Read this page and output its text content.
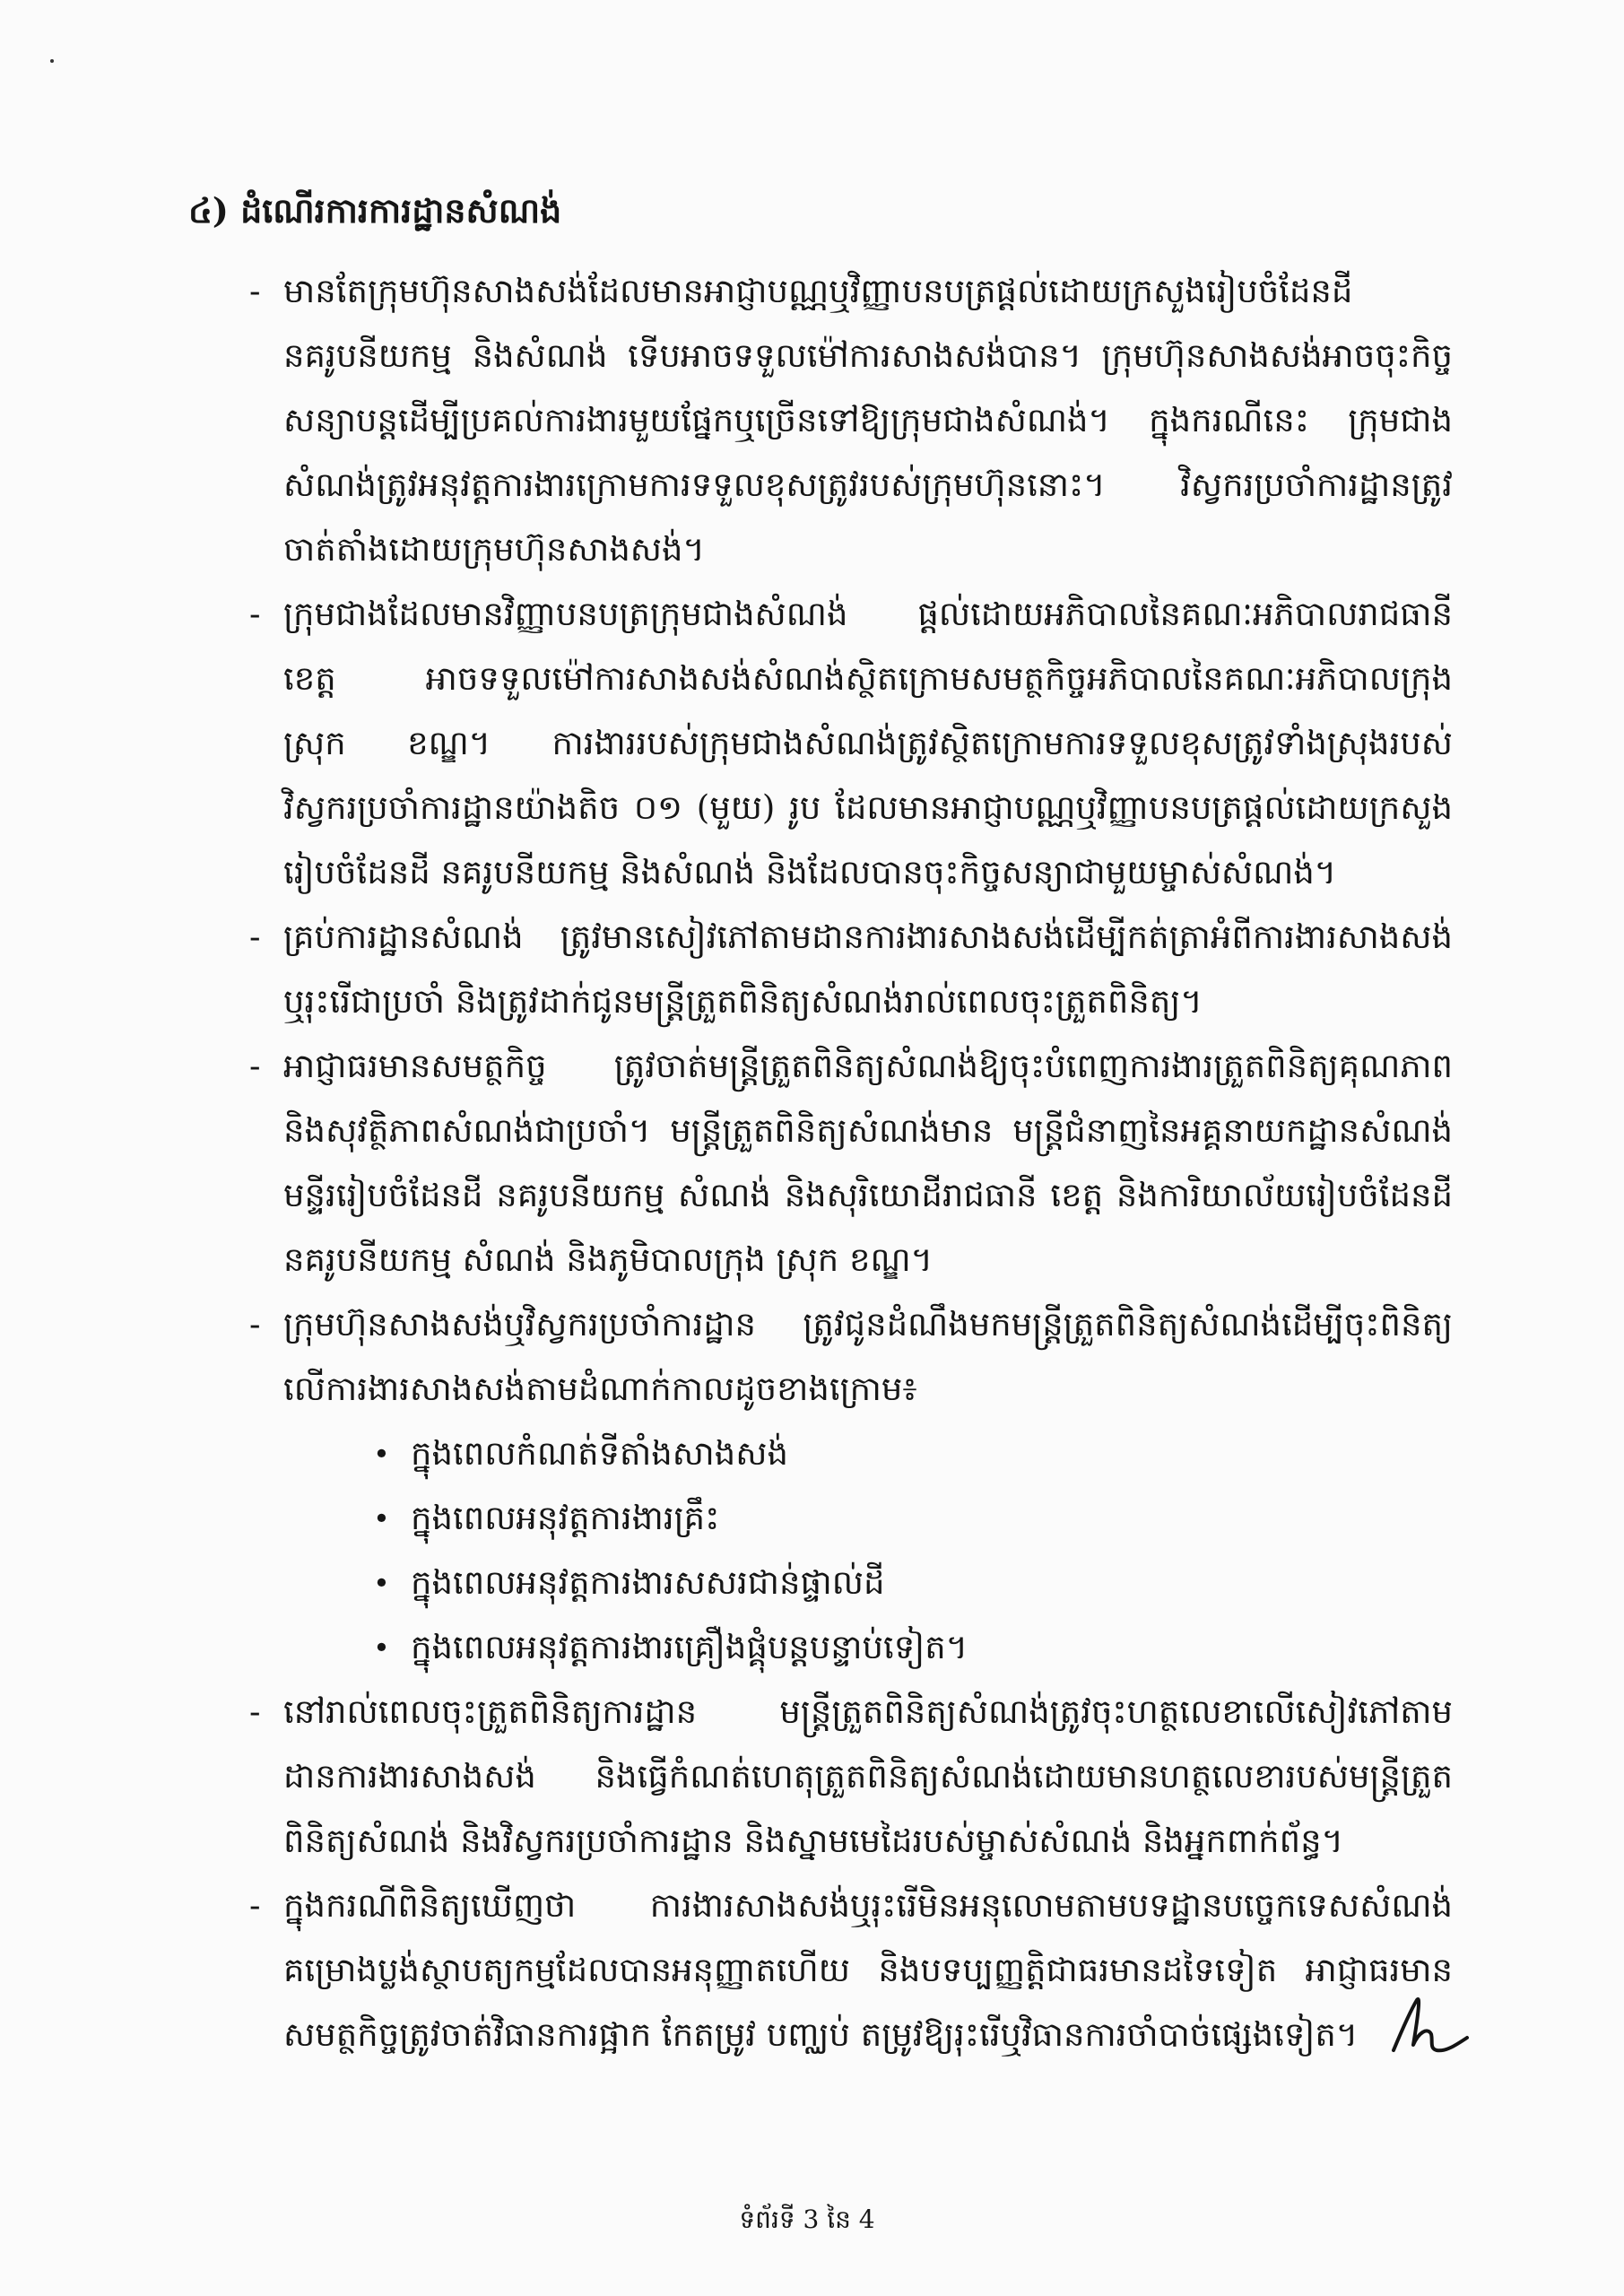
៤) ដំណើរការការដ្ឋានសំណង់
- មានតែក្រុមហ៊ុនសាងសង់ដែលមានអាជ្ញាបណ្ណឬវិញ្ញាបនបត្រផ្តល់ដោយក្រសួងរៀបចំដែនដី
នគរូបនីយកម្ម និងសំណង់ ទើបអាចទទួលម៉ៅការសាងសង់បាន។ ក្រុមហ៊ុនសាងសង់អាចចុះកិច្ច
សន្យាបន្តដើម្បីប្រគល់ការងារមួយផ្នែកឬច្រើនទៅឱ្យក្រុមជាងសំណង់។ ក្នុងករណីនេះ ក្រុមជាង
សំណង់ត្រូវអនុវត្តការងារក្រោមការទទួលខុសត្រូវរបស់ក្រុមហ៊ុននោះ។ វិស្វករប្រចាំការដ្ឋានត្រូវ
ចាត់តាំងដោយក្រុមហ៊ុនសាងសង់។
- ក្រុមជាងដែលមានវិញ្ញាបនបត្រក្រុមជាងសំណង់ ផ្តល់ដោយអភិបាលនៃគណៈអភិបាលរាជធានី
ខេត្ត អាចទទួលម៉ៅការសាងសង់សំណង់ស្ថិតក្រោមសមត្ថកិច្ចអភិបាលនៃគណៈអភិបាលក្រុង
ស្រុក ខណ្ឌ។ ការងាររបស់ក្រុមជាងសំណង់ត្រូវស្ថិតក្រោមការទទួលខុសត្រូវទាំងស្រុងរបស់
វិស្វករប្រចាំការដ្ឋានយ៉ាងតិច ០១ (មួយ) រូប ដែលមានអាជ្ញាបណ្ណឬវិញ្ញាបនបត្រផ្តល់ដោយក្រសួង
រៀបចំដែនដី នគរូបនីយកម្ម និងសំណង់ និងដែលបានចុះកិច្ចសន្យាជាមួយម្ចាស់សំណង់។
- គ្រប់ការដ្ឋានសំណង់ ត្រូវមានសៀវភៅតាមដានការងារសាងសង់ដើម្បីកត់ត្រាអំពីការងារសាងសង់
ឬរុះរើជាប្រចាំ និងត្រូវដាក់ជូនមន្ត្រីត្រួតពិនិត្យសំណង់រាល់ពេលចុះត្រួតពិនិត្យ។
- អាជ្ញាធរមានសមត្ថកិច្ច ត្រូវចាត់មន្ត្រីត្រួតពិនិត្យសំណង់ឱ្យចុះបំពេញការងារត្រួតពិនិត្យគុណភាព
និងសុវត្ថិភាពសំណង់ជាប្រចាំ។ មន្ត្រីត្រួតពិនិត្យសំណង់មាន មន្ត្រីជំនាញនៃអគ្គនាយកដ្ឋានសំណង់
មន្ទីររៀបចំដែនដី នគរូបនីយកម្ម សំណង់ និងសុរិយោដីរាជធានី ខេត្ត និងការិយាល័យរៀបចំដែនដី
នគរូបនីយកម្ម សំណង់ និងភូមិបាលក្រុង ស្រុក ខណ្ឌ។
- ក្រុមហ៊ុនសាងសង់ឬវិស្វករប្រចាំការដ្ឋាន ត្រូវជូនដំណឹងមកមន្ត្រីត្រួតពិនិត្យសំណង់ដើម្បីចុះពិនិត្យ
លើការងារសាងសង់តាមដំណាក់កាលដូចខាងក្រោម៖
• ក្នុងពេលកំណត់ទីតាំងសាងសង់
• ក្នុងពេលអនុវត្តការងារគ្រឹះ
• ក្នុងពេលអនុវត្តការងារសសរជាន់ផ្ទាល់ដី
• ក្នុងពេលអនុវត្តការងារគ្រឿងផ្គុំបន្តបន្ទាប់ទៀត។
- នៅរាល់ពេលចុះត្រួតពិនិត្យការដ្ឋាន មន្ត្រីត្រួតពិនិត្យសំណង់ត្រូវចុះហត្ថលេខាលើសៀវភៅតាម
ដានការងារសាងសង់ និងធ្វើកំណត់ហេតុត្រួតពិនិត្យសំណង់ដោយមានហត្ថលេខារបស់មន្ត្រីត្រួត
ពិនិត្យសំណង់ និងវិស្វករប្រចាំការដ្ឋាន និងស្នាមមេដៃរបស់ម្ចាស់សំណង់ និងអ្នកពាក់ព័ន្ធ។
- ក្នុងករណីពិនិត្យឃើញថា ការងារសាងសង់ឬរុះរើមិនអនុលោមតាមបទដ្ឋានបច្ចេកទេសសំណង់
គម្រោងប្លង់ស្ថាបត្យកម្មដែលបានអនុញ្ញាតហើយ និងបទប្បញ្ញត្តិជាធរមានដទៃទៀត អាជ្ញាធរមាន
សមត្ថកិច្ចត្រូវចាត់វិធានការផ្អាក កែតម្រូវ បញ្ឈប់ តម្រូវឱ្យរុះរើឬវិធានការចាំបាច់ផ្សេងទៀត។
ទំព័រទី 3 នៃ 4
